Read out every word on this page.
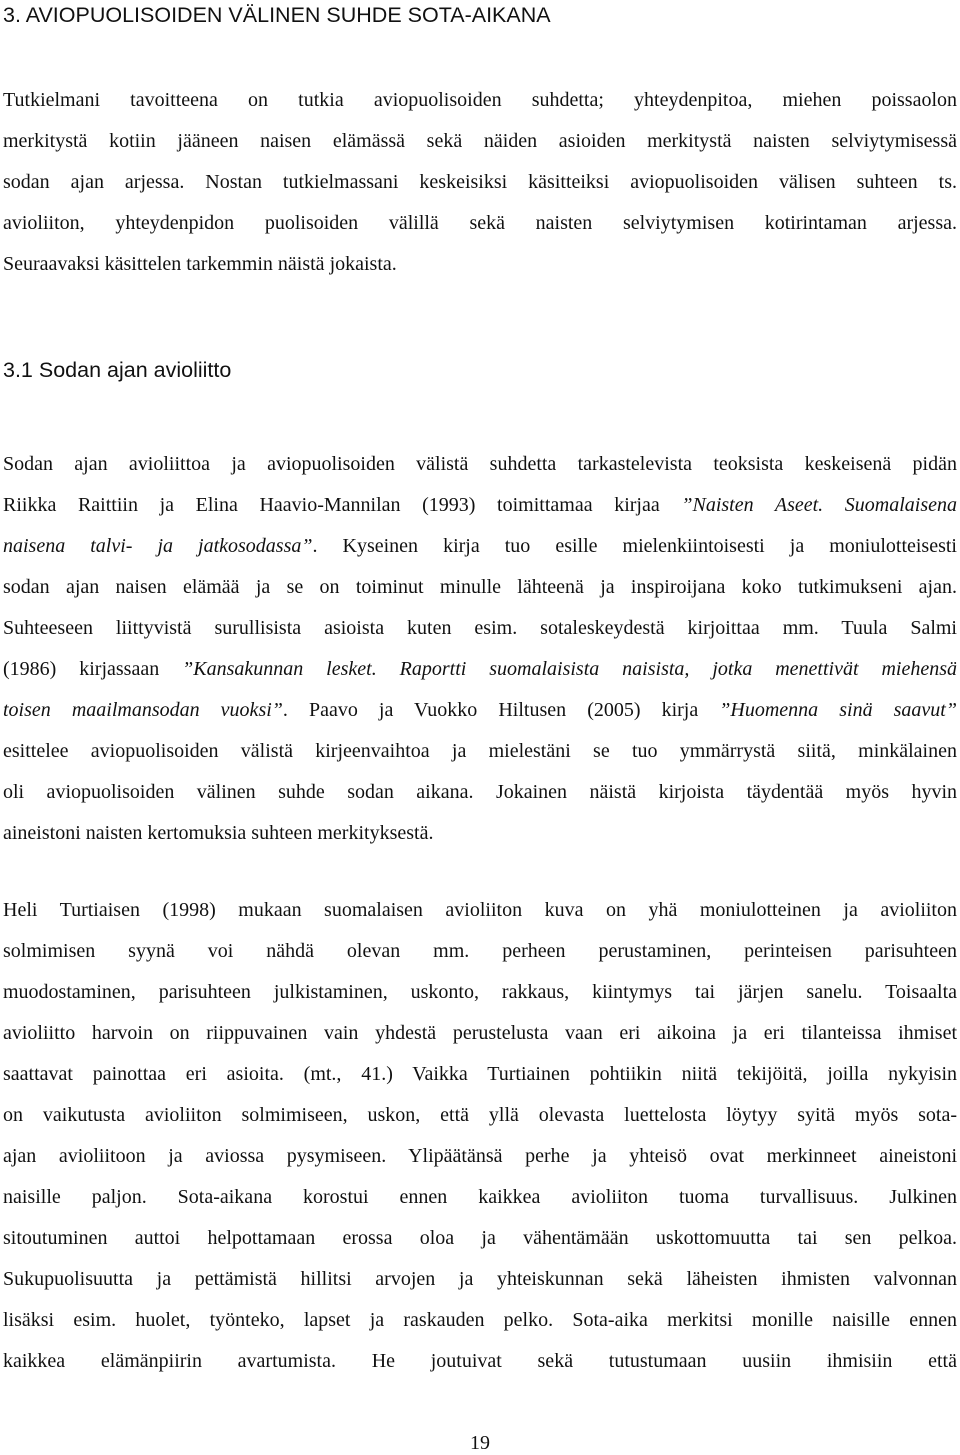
3. AVIOPUOLISOIDEN VÄLINEN SUHDE SOTA-AIKANA
Tutkielmani tavoitteena on tutkia aviopuolisoiden suhdetta; yhteydenpitoa, miehen poissaolon
merkitystä kotiin jääneen naisen elämässä sekä näiden asioiden merkitystä naisten selviytymisessä
sodan ajan arjessa. Nostan tutkielmassani keskeisiksi käsitteiksi aviopuolisoiden välisen suhteen ts.
avioliiton, yhteydenpidon puolisoiden välillä sekä naisten selviytymisen kotirintaman arjessa.
Seuraavaksi käsittelen tarkemmin näistä jokaista.
3.1 Sodan ajan avioliitto
Sodan ajan avioliittoa ja aviopuolisoiden välistä suhdetta tarkastelevista teoksista keskeisenä pidän
Riikka Raittiin ja Elina Haavio-Mannilan (1993) toimittamaa kirjaa ”Naisten Aseet. Suomalaisena
naisena talvi- ja jatkosodassa”. Kyseinen kirja tuo esille mielenkiintoisesti ja moniulotteisesti
sodan ajan naisen elämää ja se on toiminut minulle lähteenä ja inspiroijana koko tutkimukseni ajan.
Suhteeseen liittyvistä surullisista asioista kuten esim. sotaleskeydestä kirjoittaa mm. Tuula Salmi
(1986) kirjassaan ”Kansakunnan lesket. Raportti suomalaisista naisista, jotka menettivät miehensä
toisen maailmansodan vuoksi”. Paavo ja Vuokko Hiltusen (2005) kirja ”Huomenna sinä saavut”
esittelee aviopuolisoiden välistä kirjeenvaihtoa ja mielestäni se tuo ymmärrystä siitä, minkälainen
oli aviopuolisoiden välinen suhde sodan aikana. Jokainen näistä kirjoista täydentää myös hyvin
aineistoni naisten kertomuksia suhteen merkityksestä.
Heli Turtiaisen (1998) mukaan suomalaisen avioliiton kuva on yhä moniulotteinen ja avioliiton
solmimisen syynä voi nähdä olevan mm. perheen perustaminen, perinteisen parisuhteen
muodostaminen, parisuhteen julkistaminen, uskonto, rakkaus, kiintymys tai järjen sanelu. Toisaalta
avioliitto harvoin on riippuvainen vain yhdestä perustelusta vaan eri aikoina ja eri tilanteissa ihmiset
saattavat painottaa eri asioita. (mt., 41.) Vaikka Turtiainen pohtiikin niitä tekijöitä, joilla nykyisin
on vaikutusta avioliiton solmimiseen, uskon, että yllä olevasta luettelosta löytyy syitä myös sota-
ajan avioliitoon ja aviossa pysymiseen. Ylipäätänsä perhe ja yhteisö ovat merkinneet aineistoni
naisille paljon. Sota-aikana korostui ennen kaikkea avioliiton tuoma turvallisuus. Julkinen
sitoutuminen auttoi helpottamaan erossa oloa ja vähentämään uskottomuutta tai sen pelkoa.
Sukupuolisuutta ja pettämistä hillitsi arvojen ja yhteiskunnan sekä läheisten ihmisten valvonnan
lisäksi esim. huolet, työnteko, lapset ja raskauden pelko. Sota-aika merkitsi monille naisille ennen
kaikkea elämänpiirin avartumista. He joutuivat sekä tutustumaan uusiin ihmisiin että
19
